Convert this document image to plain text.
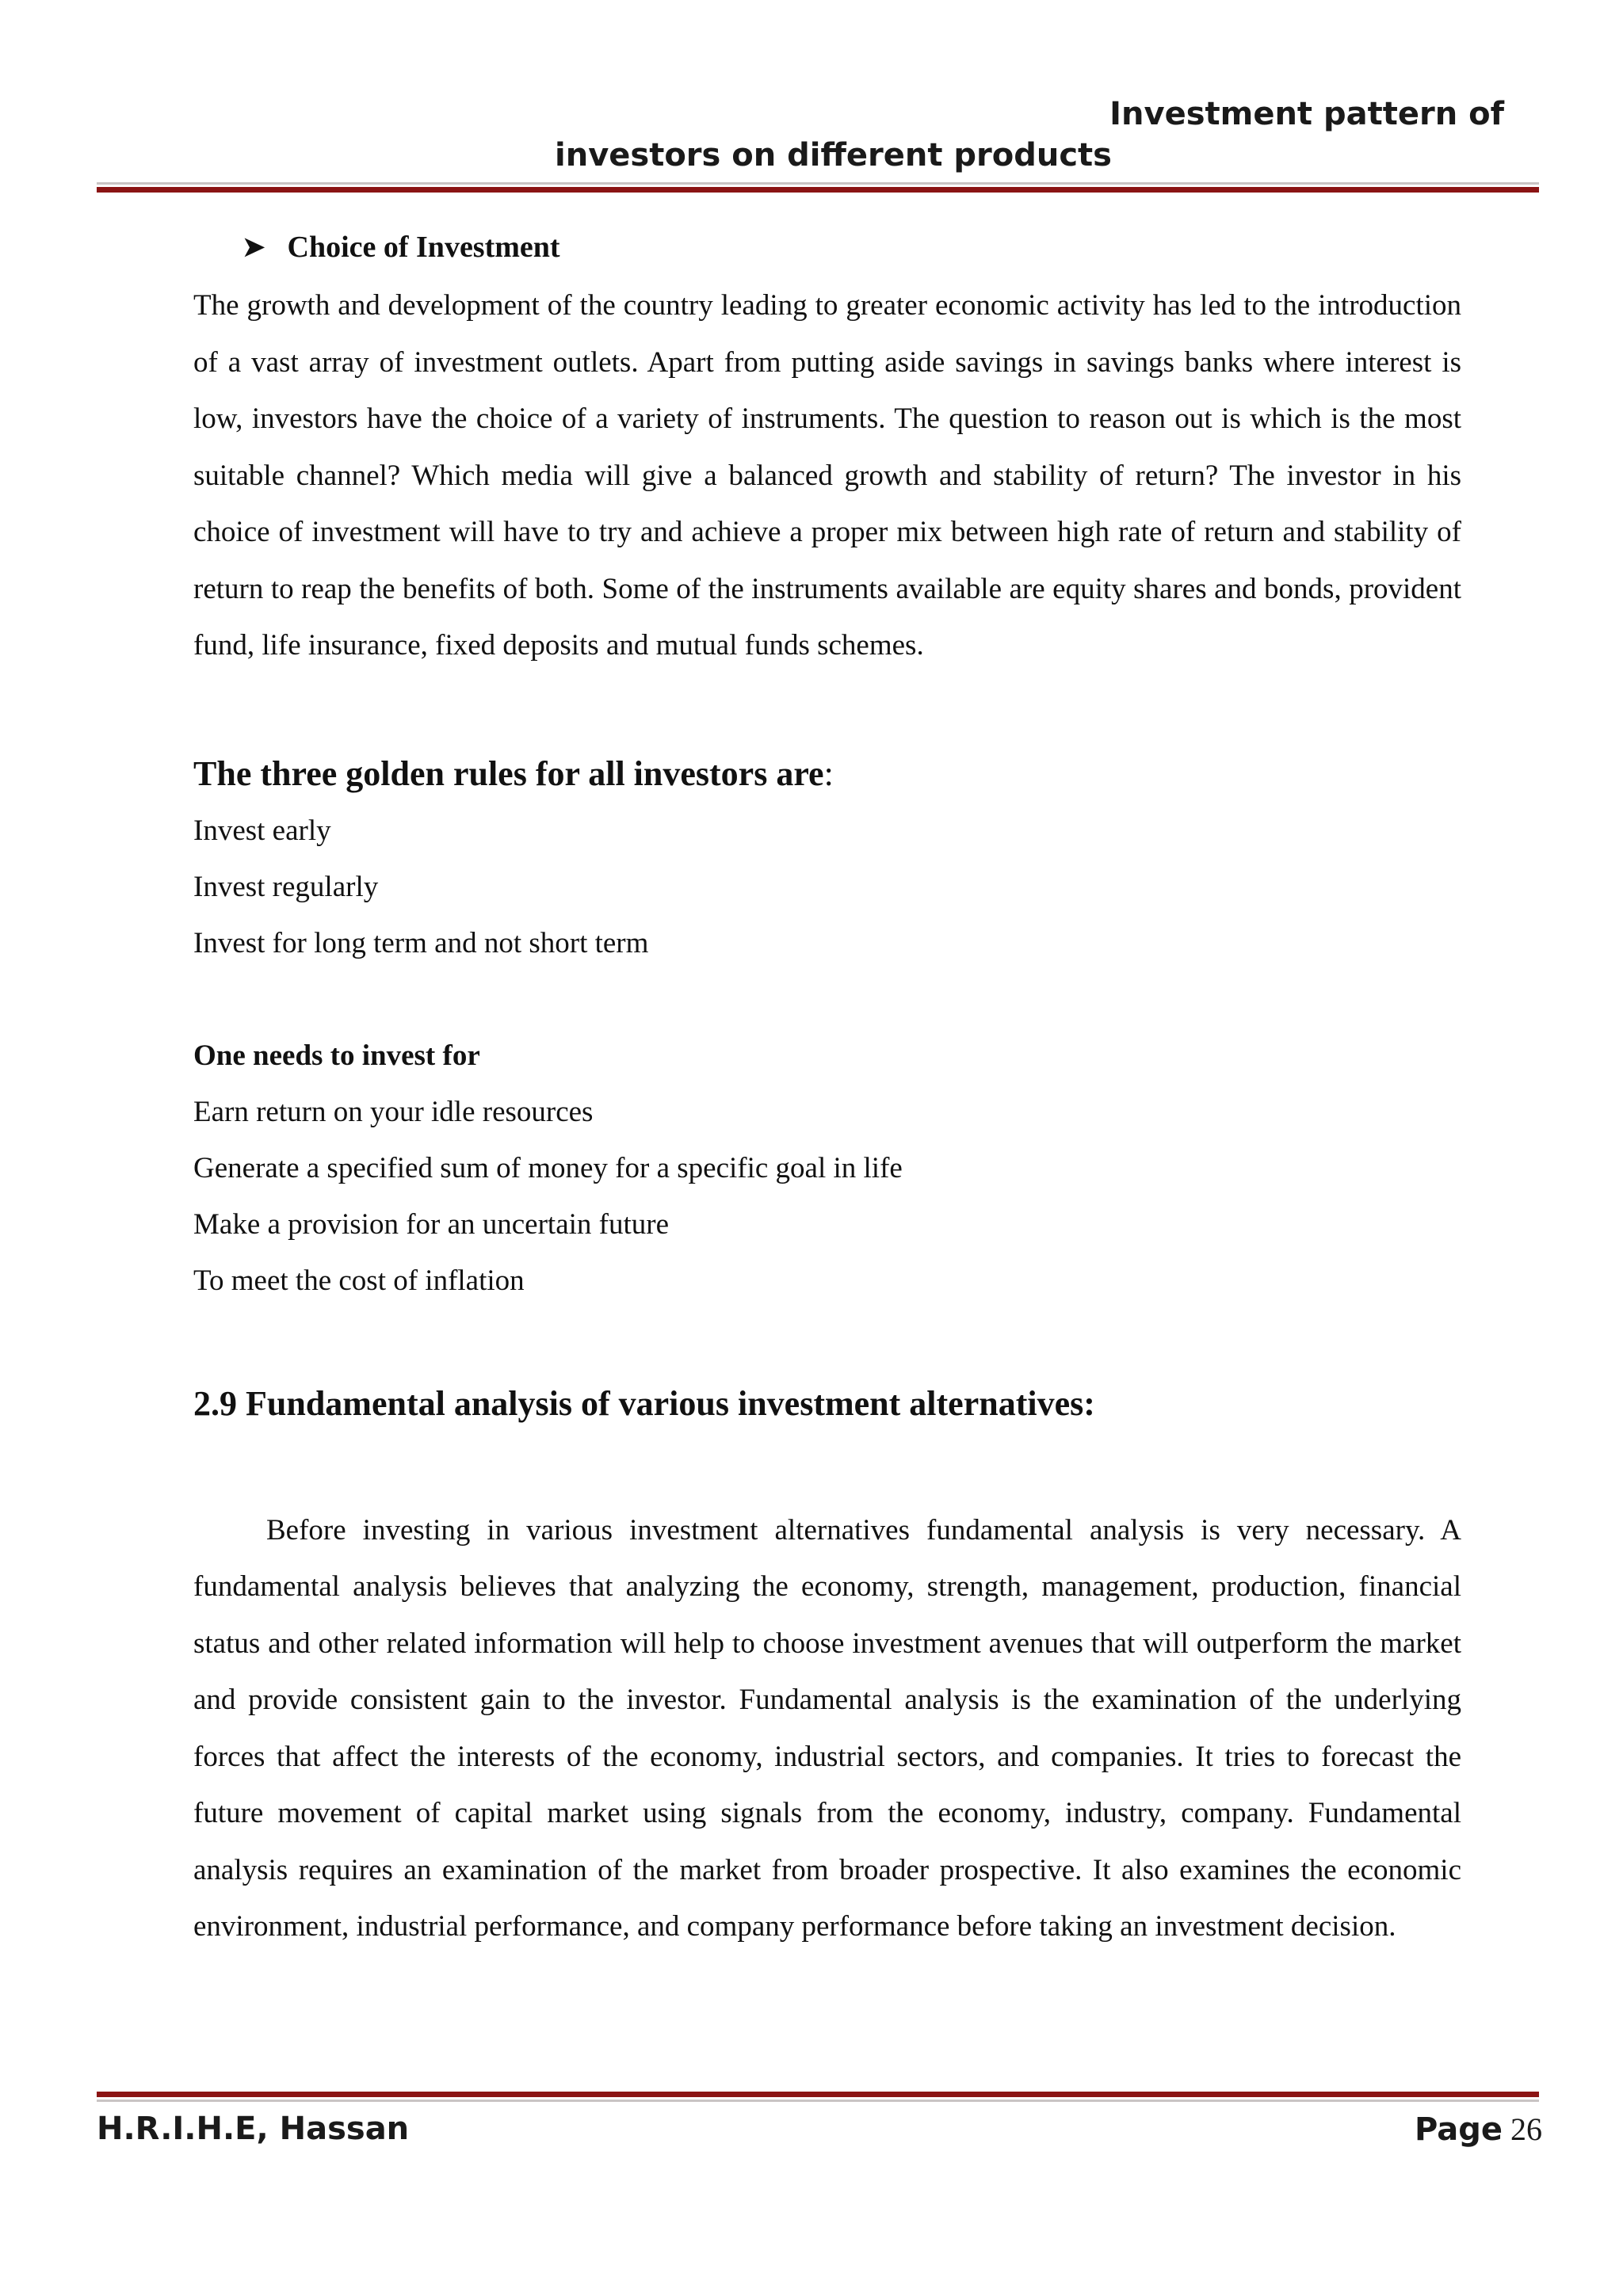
Investment pattern of

investors on different products
➤ Choice of Investment

The growth and development of the country leading to greater economic activity has led to the introduction of a vast array of investment outlets. Apart from putting aside savings in savings banks where interest is low, investors have the choice of a variety of instruments. The question to reason out is which is the most suitable channel? Which media will give a balanced growth and stability of return? The investor in his choice of investment will have to try and achieve a proper mix between high rate of return and stability of return to reap the benefits of both. Some of the instruments available are equity shares and bonds, provident fund, life insurance, fixed deposits and mutual funds schemes.

The three golden rules for all investors are:

Invest early

Invest regularly

Invest for long term and not short term

One needs to invest for

Earn return on your idle resources

Generate a specified sum of money for a specific goal in life

Make a provision for an uncertain future

To meet the cost of inflation

2.9 Fundamental analysis of various investment alternatives:

Before investing in various investment alternatives fundamental analysis is very necessary. A fundamental analysis believes that analyzing the economy, strength, management, production, financial status and other related information will help to choose investment avenues that will outperform the market and provide consistent gain to the investor. Fundamental analysis is the examination of the underlying forces that affect the interests of the economy, industrial sectors, and companies. It tries to forecast the future movement of capital market using signals from the economy, industry, company. Fundamental analysis requires an examination of the market from broader prospective. It also examines the economic environment, industrial performance, and company performance before taking an investment decision.

H.R.I.H.E, Hassan	Page 26
